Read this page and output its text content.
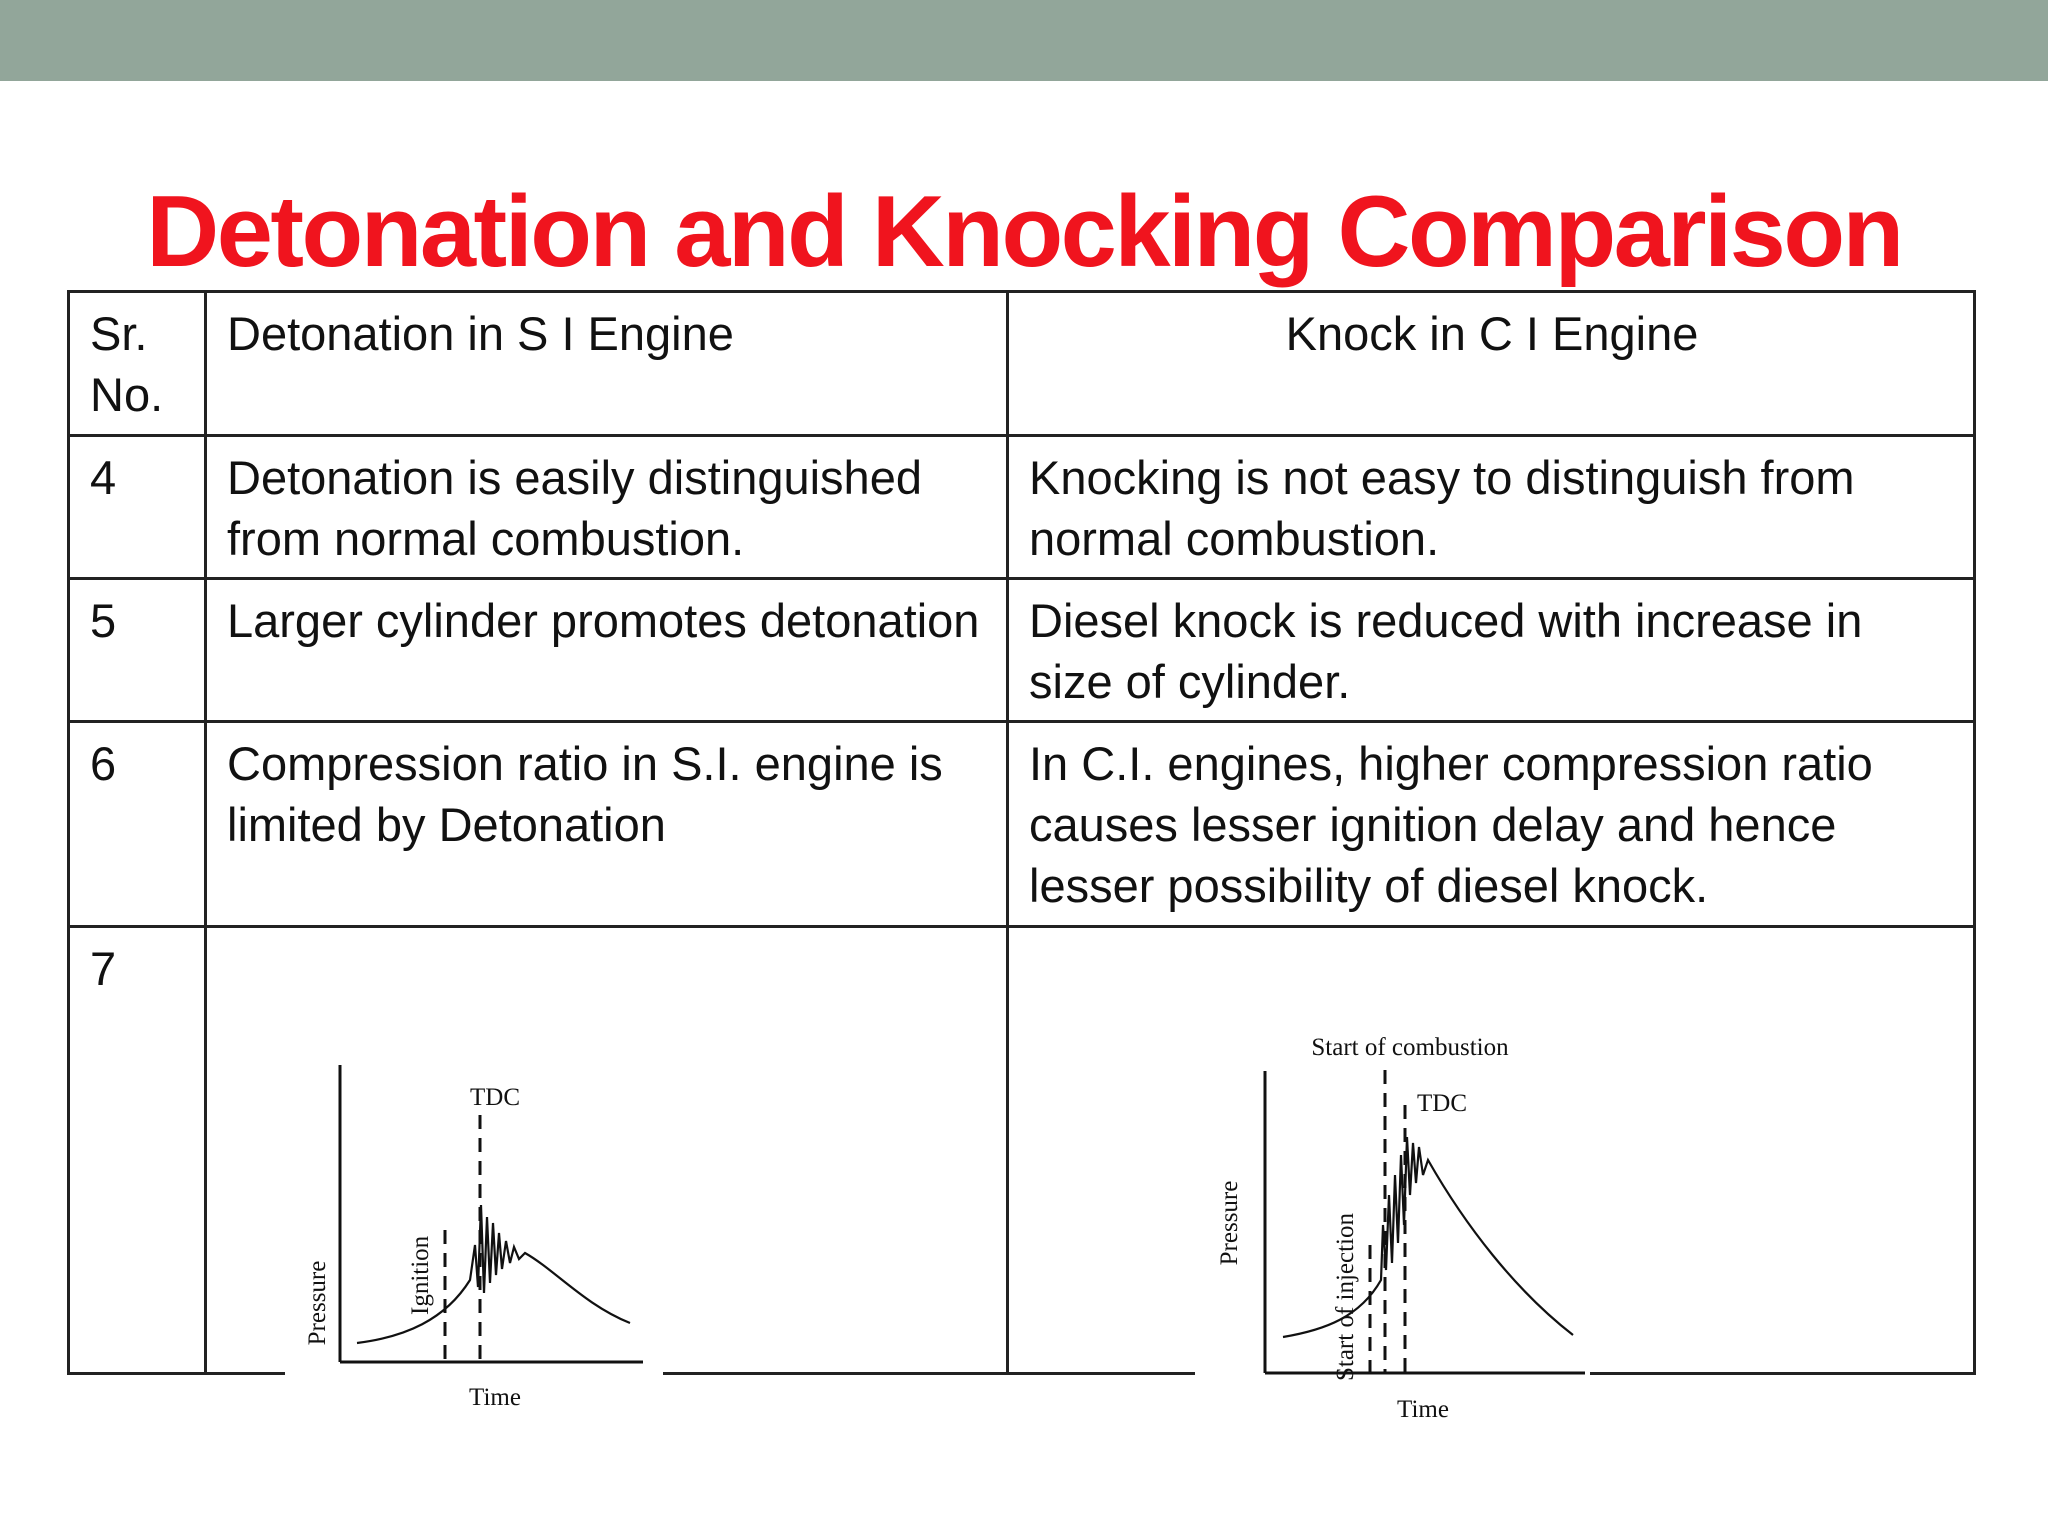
Detonation and Knocking Comparison
Sr. No.	Detonation in S I Engine	Knock in C I Engine
4	Detonation is easily distinguished from normal combustion.	Knocking is not easy to distinguish from normal combustion.
5	Larger cylinder promotes detonation	Diesel knock is reduced with increase in size of cylinder.
6	Compression ratio in S.I. engine is limited by Detonation	In C.I. engines, higher compression ratio causes lesser ignition delay and hence lesser possibility of diesel knock.
7		
TDC
Ignition
Pressure
Time
Start of combustion
TDC
Start of injection
Pressure
Time
